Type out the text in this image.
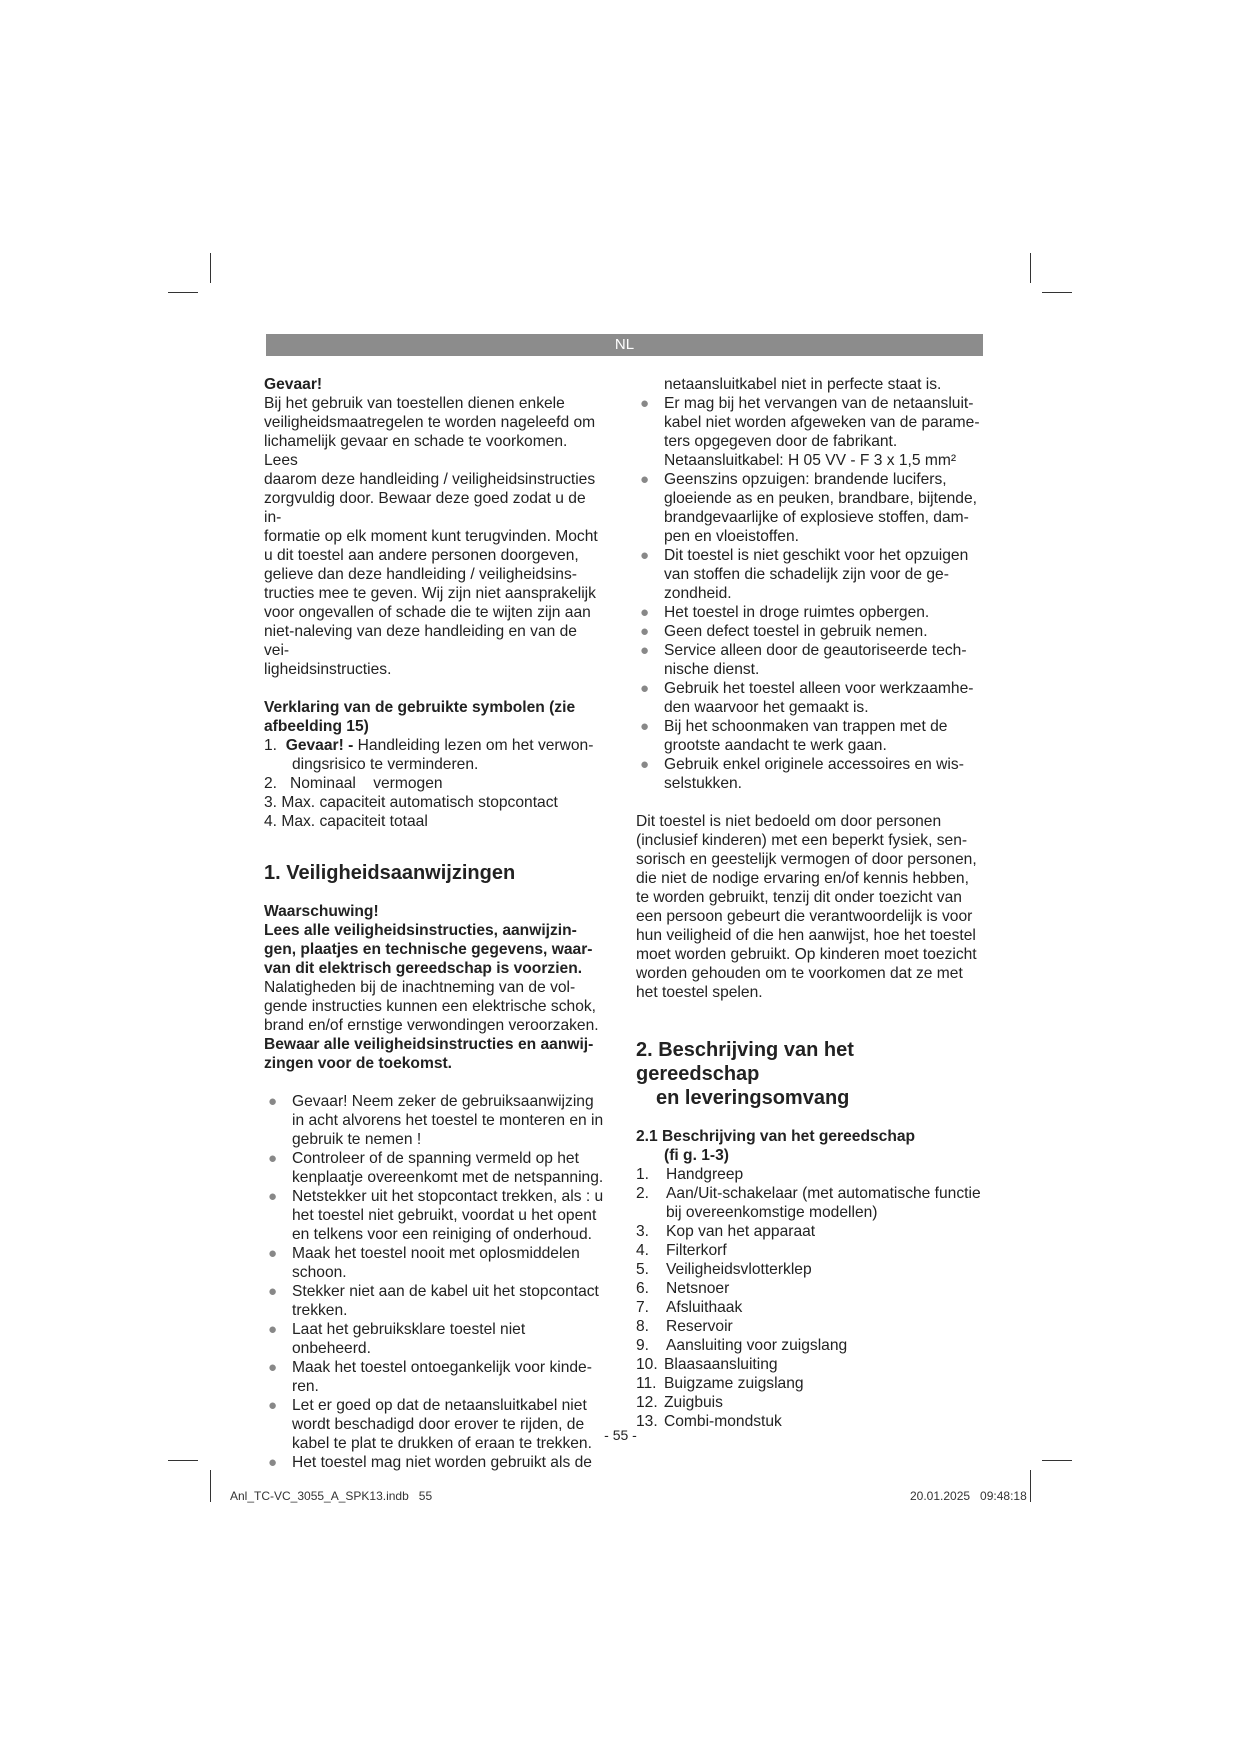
NL

Gevaar!

Bij het gebruik van toestellen dienen enkele

veiligheidsmaatregelen te worden nageleefd om

lichamelijk gevaar en schade te voorkomen. Lees

daarom deze handleiding / veiligheidsinstructies

zorgvuldig door. Bewaar deze goed zodat u de in-

formatie op elk moment kunt terugvinden. Mocht

u dit toestel aan andere personen doorgeven,

gelieve dan deze handleiding / veiligheidsins-

tructies mee te geven. Wij zijn niet aansprakelijk

voor ongevallen of schade die te wijten zijn aan

niet-naleving van deze handleiding en van de vei-

ligheidsinstructies.

Verklaring van de gebruikte symbolen (zie

afbeelding 15)

1. Gevaar! - Handleiding lezen om het verwon-

dingsrisico te verminderen.

2.   Nominaal    vermogen

3. Max. capaciteit automatisch stopcontact

4. Max. capaciteit totaal

1. Veiligheidsaanwijzingen

Waarschuwing!

Lees alle veiligheidsinstructies, aanwijzin-

gen, plaatjes en technische gegevens, waar-

van dit elektrisch gereedschap is voorzien.

Nalatigheden bij de inachtneming van de vol-

gende instructies kunnen een elektrische schok,

brand en/of ernstige verwondingen veroorzaken.

Bewaar alle veiligheidsinstructies en aanwij-

zingen voor de toekomst.

● Gevaar! Neem zeker de gebruiksaanwijzing
in acht alvorens het toestel te monteren en in
gebruik te nemen !
● Controleer of de spanning vermeld op het
kenplaatje overeenkomt met de netspanning.
● Netstekker uit het stopcontact trekken, als : u
het toestel niet gebruikt, voordat u het opent
en telkens voor een reiniging of onderhoud.
● Maak het toestel nooit met oplosmiddelen
schoon.
● Stekker niet aan de kabel uit het stopcontact
trekken.
● Laat het gebruiksklare toestel niet onbeheerd.
● Maak het toestel ontoegankelijk voor kinde-
ren.
● Let er goed op dat de netaansluitkabel niet
wordt beschadigd door erover te rijden, de
kabel te plat te drukken of eraan te trekken.
● Het toestel mag niet worden gebruikt als de

netaansluitkabel niet in perfecte staat is.

● Er mag bij het vervangen van de netaansluit-
kabel niet worden afgeweken van de parame-
ters opgegeven door de fabrikant.
Netaansluitkabel: H 05 VV - F 3 x 1,5 mm²
● Geenszins opzuigen: brandende lucifers,
gloeiende as en peuken, brandbare, bijtende,
brandgevaarlijke of explosieve stoffen, dam-
pen en vloeistoffen.
● Dit toestel is niet geschikt voor het opzuigen
van stoffen die schadelijk zijn voor de ge-
zondheid.
● Het toestel in droge ruimtes opbergen.
● Geen defect toestel in gebruik nemen.
● Service alleen door de geautoriseerde tech-
nische dienst.
● Gebruik het toestel alleen voor werkzaamhe-
den waarvoor het gemaakt is.
● Bij het schoonmaken van trappen met de
grootste aandacht te werk gaan.
● Gebruik enkel originele accessoires en wis-
selstukken.

Dit toestel is niet bedoeld om door personen

(inclusief kinderen) met een beperkt fysiek, sen-

sorisch en geestelijk vermogen of door personen,

die niet de nodige ervaring en/of kennis hebben,

te worden gebruikt, tenzij dit onder toezicht van

een persoon gebeurt die verantwoordelijk is voor

hun veiligheid of die hen aanwijst, hoe het toestel

moet worden gebruikt. Op kinderen moet toezicht

worden gehouden om te voorkomen dat ze met

het toestel spelen.

2. Beschrijving van het gereedschap

en leveringsomvang

2.1 Beschrijving van het gereedschap

(fi g. 1-3)

1.	Handgreep
2.	Aan/Uit-schakelaar (met automatische functie
bij overeenkomstige modellen)
3.	Kop van het apparaat
4.	Filterkorf
5.	Veiligheidsvlotterklep
6.	Netsnoer
7.	Afsluithaak
8.	Reservoir
9.	Aansluiting voor zuigslang
10. Blaasaansluiting
11. Buigzame zuigslang
12. Zuigbuis
13. Combi-mondstuk
- 55 -
Anl_TC-VC_3055_A_SPK13.indb   55	20.01.2025   09:48:18
